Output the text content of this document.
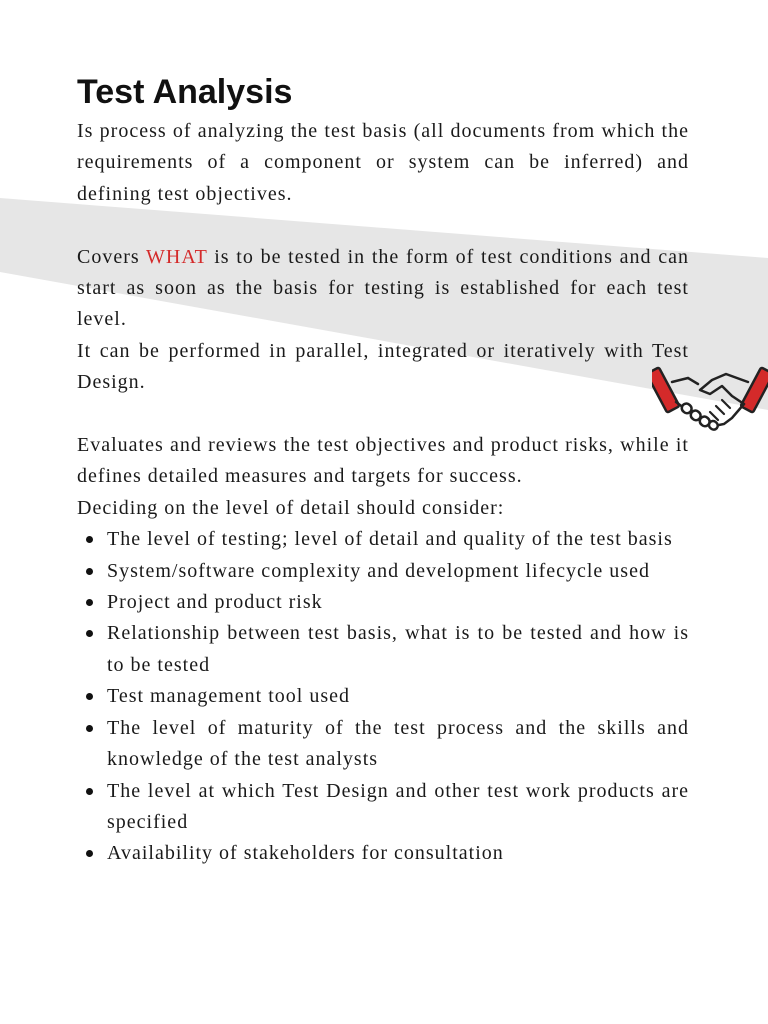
Test Analysis

Is process of analyzing the test basis (all documents from which the requirements of a component or system can be inferred) and defining test objectives.

Covers WHAT is to be tested in the form of test conditions and can start as soon as the basis for testing is established for each test level.

It can be performed in parallel, integrated or iteratively with Test Design.

Evaluates and reviews the test objectives and product risks, while it defines detailed measures and targets for success.

Deciding on the level of detail should consider:

The level of testing; level of detail and quality of the test basis
System/software complexity and development lifecycle used
Project and product risk
Relationship between test basis, what is to be tested and how is to be tested
Test management tool used
The level of maturity of the test process and the skills and knowledge of the test analysts
The level at which Test Design and other test work products are specified
Availability of stakeholders for consultation
